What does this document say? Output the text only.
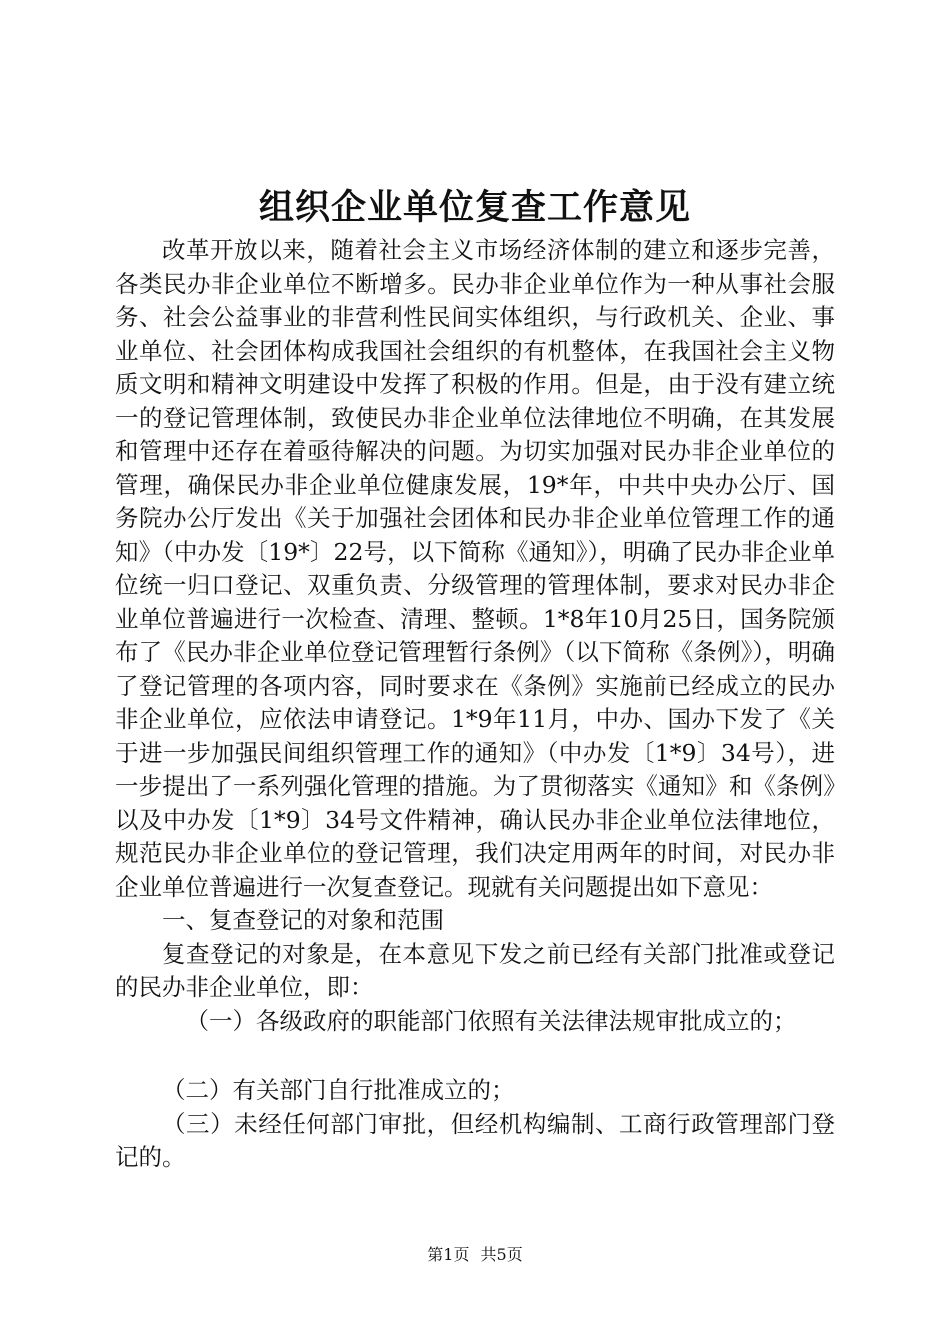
组织企业单位复查工作意见

改革开放以来，随着社会主义市场经济体制的建立和逐步完善，各类民办非企业单位不断增多。民办非企业单位作为一种从事社会服务、社会公益事业的非营利性民间实体组织，与行政机关、企业、事业单位、社会团体构成我国社会组织的有机整体，在我国社会主义物质文明和精神文明建设中发挥了积极的作用。但是，由于没有建立统一的登记管理体制，致使民办非企业单位法律地位不明确，在其发展和管理中还存在着亟待解决的问题。为切实加强对民办非企业单位的管理，确保民办非企业单位健康发展，19*年，中共中央办公厅、国务院办公厅发出《关于加强社会团体和民办非企业单位管理工作的通知》（中办发〔19*〕22号，以下简称《通知》），明确了民办非企业单位统一归口登记、双重负责、分级管理的管理体制，要求对民办非企业单位普遍进行一次检查、清理、整顿。1*8年10月25日，国务院颁布了《民办非企业单位登记管理暂行条例》（以下简称《条例》），明确了登记管理的各项内容，同时要求在《条例》实施前已经成立的民办非企业单位，应依法申请登记。1*9年11月，中办、国办下发了《关于进一步加强民间组织管理工作的通知》（中办发〔1*9〕34号），进一步提出了一系列强化管理的措施。为了贯彻落实《通知》和《条例》以及中办发〔1*9〕34号文件精神，确认民办非企业单位法律地位，规范民办非企业单位的登记管理，我们决定用两年的时间，对民办非企业单位普遍进行一次复查登记。现就有关问题提出如下意见：

一、复查登记的对象和范围

复查登记的对象是，在本意见下发之前已经有关部门批准或登记的民办非企业单位，即：

（一）各级政府的职能部门依照有关法律法规审批成立的；

（二）有关部门自行批准成立的；

（三）未经任何部门审批，但经机构编制、工商行政管理部门登记的。

第1页 共5页
